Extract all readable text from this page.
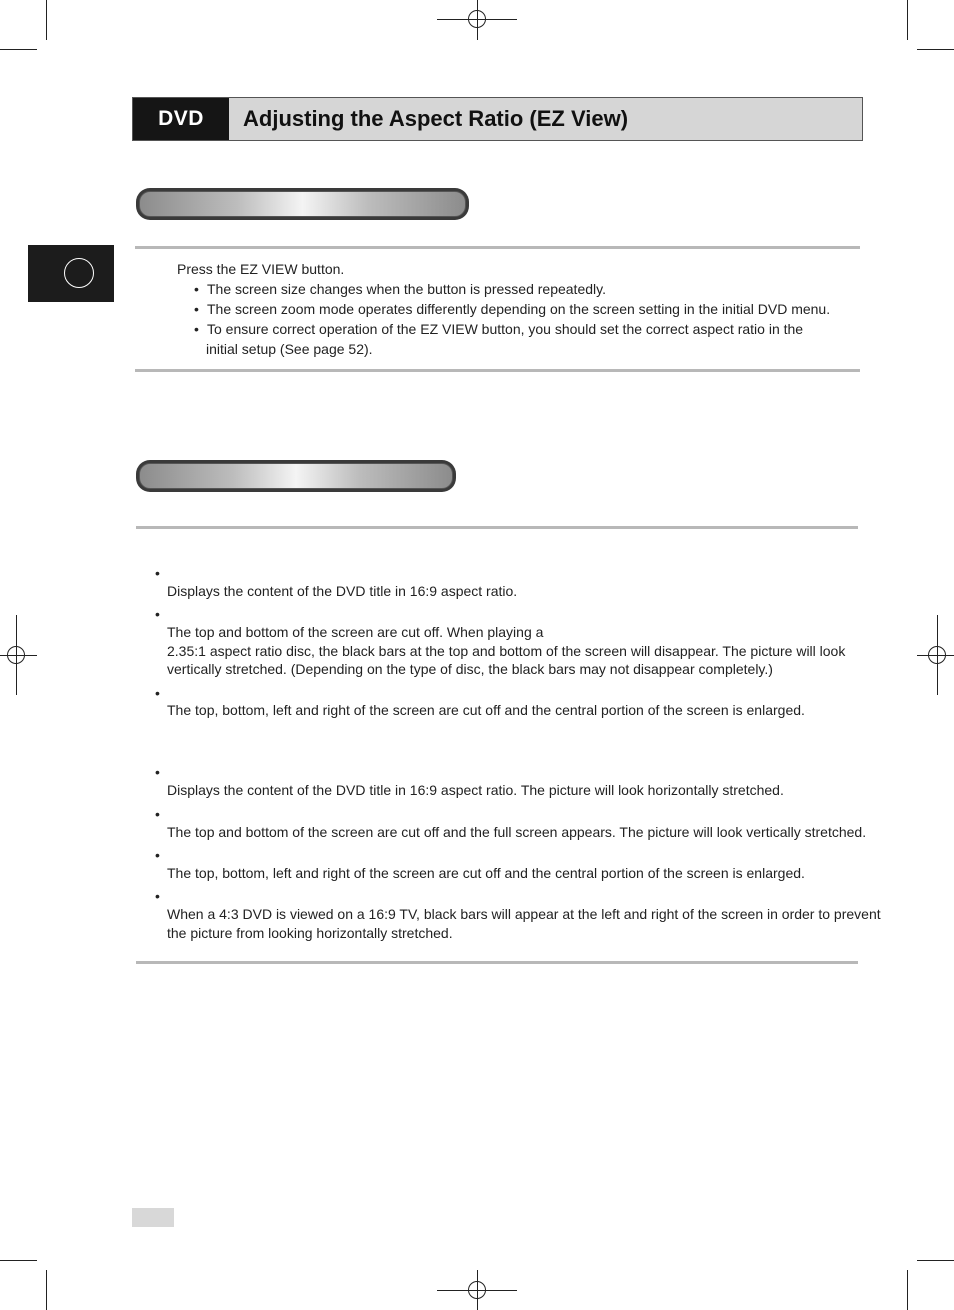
DVD	Adjusting the Aspect Ratio (EZ View)
Press the EZ VIEW button.
• The screen size changes when the button is pressed repeatedly.
• The screen zoom mode operates differently depending on the screen setting in the initial DVD menu.
• To ensure correct operation of the EZ VIEW button, you should set the correct aspect ratio in the
initial setup (See page 52).
•
Displays the content of the DVD title in 16:9 aspect ratio.
•
The top and bottom of the screen are cut off. When playing a
2.35:1 aspect ratio disc, the black bars at the top and bottom of the screen will disappear. The picture will look
vertically stretched. (Depending on the type of disc, the black bars may not disappear completely.)
•
The top, bottom, left and right of the screen are cut off and the central portion of the screen is enlarged.
•
Displays the content of the DVD title in 16:9 aspect ratio. The picture will look horizontally stretched.
•
The top and bottom of the screen are cut off and the full screen appears. The picture will look vertically stretched.
•
The top, bottom, left and right of the screen are cut off and the central portion of the screen is enlarged.
•
When a 4:3 DVD is viewed on a 16:9 TV, black bars will appear at the left and right of the screen in order to prevent
the picture from looking horizontally stretched.
